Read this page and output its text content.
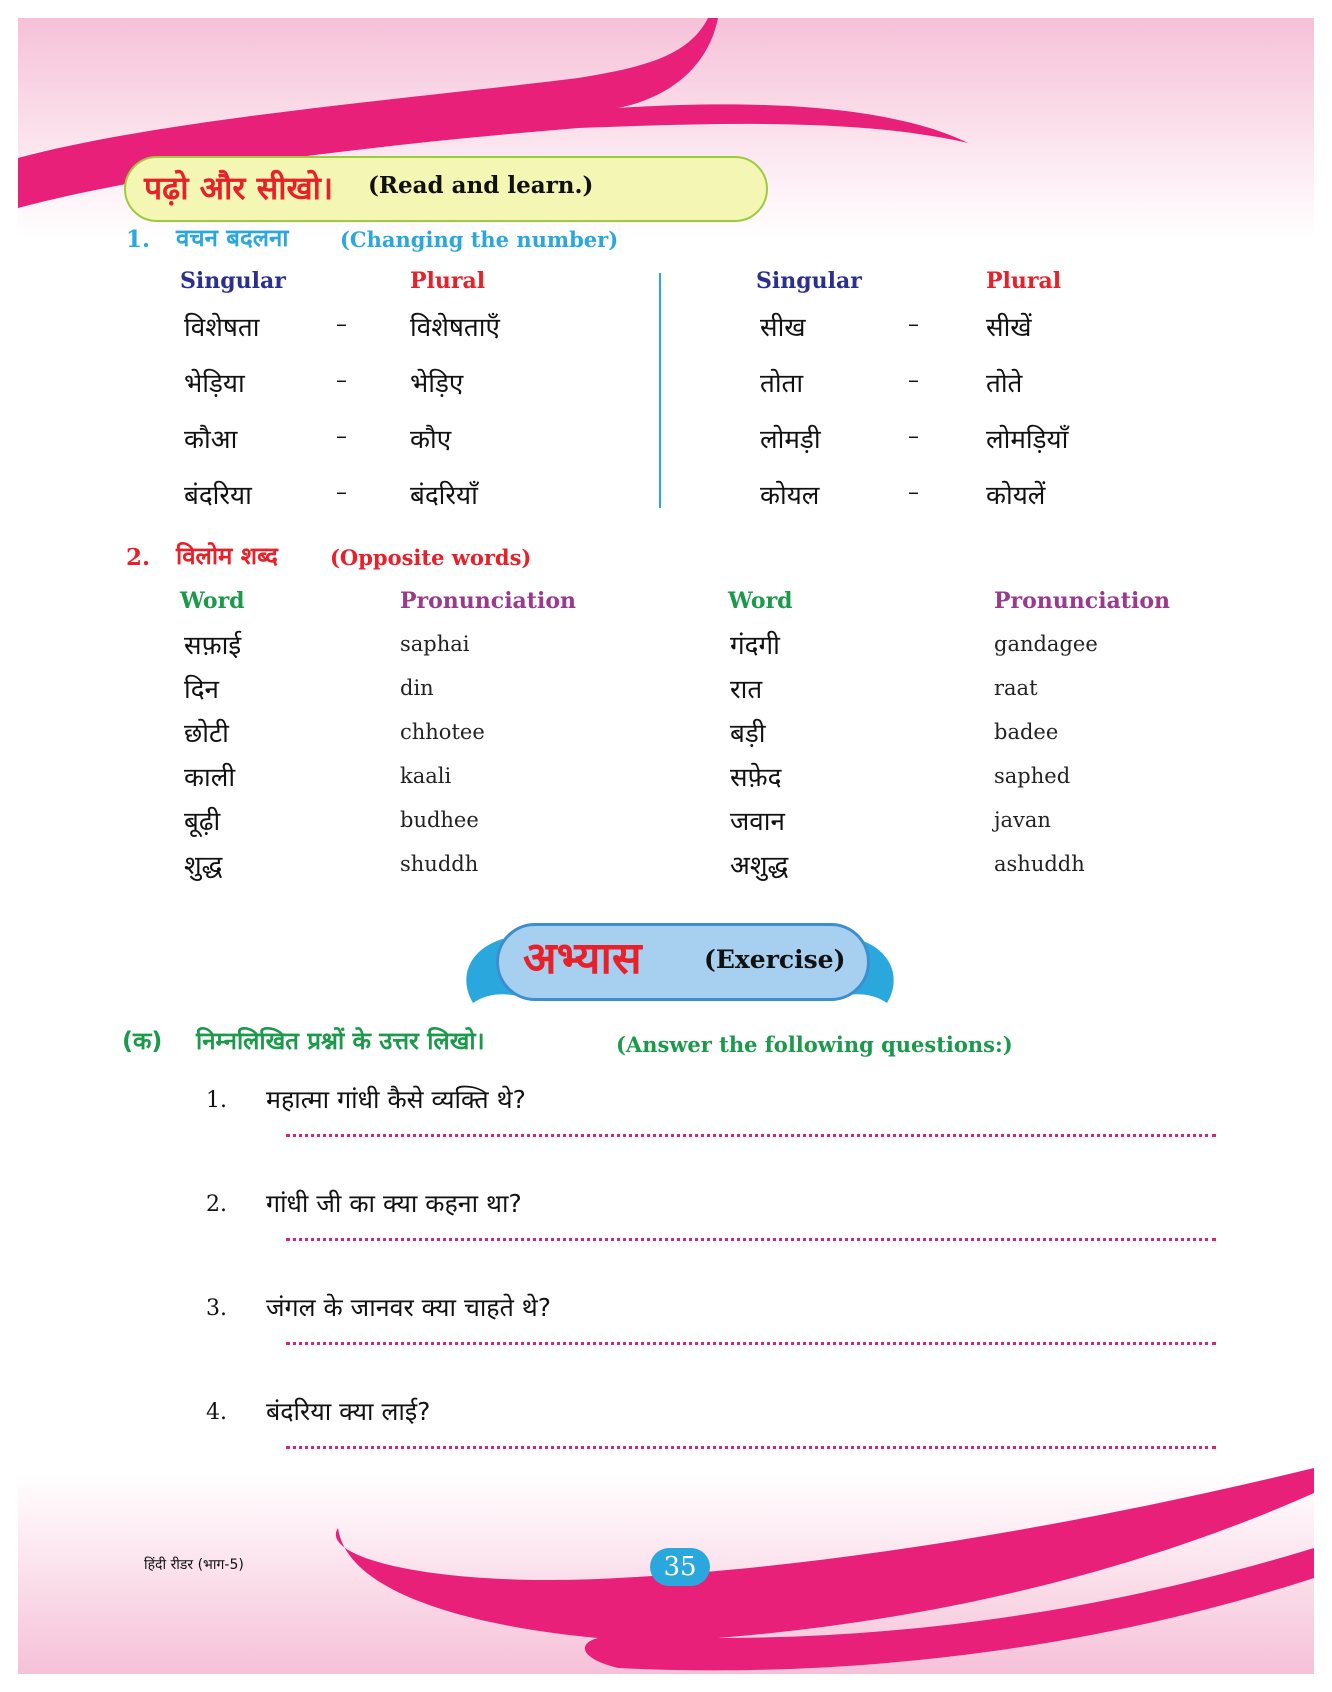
पढ़ो और सीखो। (Read and learn.)
1. वचन बदलना (Changing the number)
Singular	Plural	Singular	Plural
विशेषता	– विशेषताएँ
भेड़िया	– भेड़िए
कौआ	– कौए
बंदरिया	– बंदरियाँ
सीख	–	सीखें
तोता	–	तोते
लोमड़ी	–	लोमड़ियाँ
कोयल	–	कोयलें
2. विलोम शब्द (Opposite words)
Word	Pronunciation	Word	Pronunciation
सफ़ाई	saphai
दिन	din
छोटी	chhotee
काली	kaali
बूढ़ी	budhee
शुद्ध	shuddh
गंदगी	gandagee
रात	raat
बड़ी	badee
सफ़ेद	saphed
जवान	javan
अशुद्ध	ashuddh
अभ्यास (Exercise)
(क) निम्नलिखित प्रश्नों के उत्तर लिखो।	(Answer the following questions:)
1. महात्मा गांधी कैसे व्यक्ति थे?
2. गांधी जी का क्या कहना था?
3. जंगल के जानवर क्या चाहते थे?
4. बंदरिया क्या लाई?
हिंदी रीडर (भाग-5)	35
